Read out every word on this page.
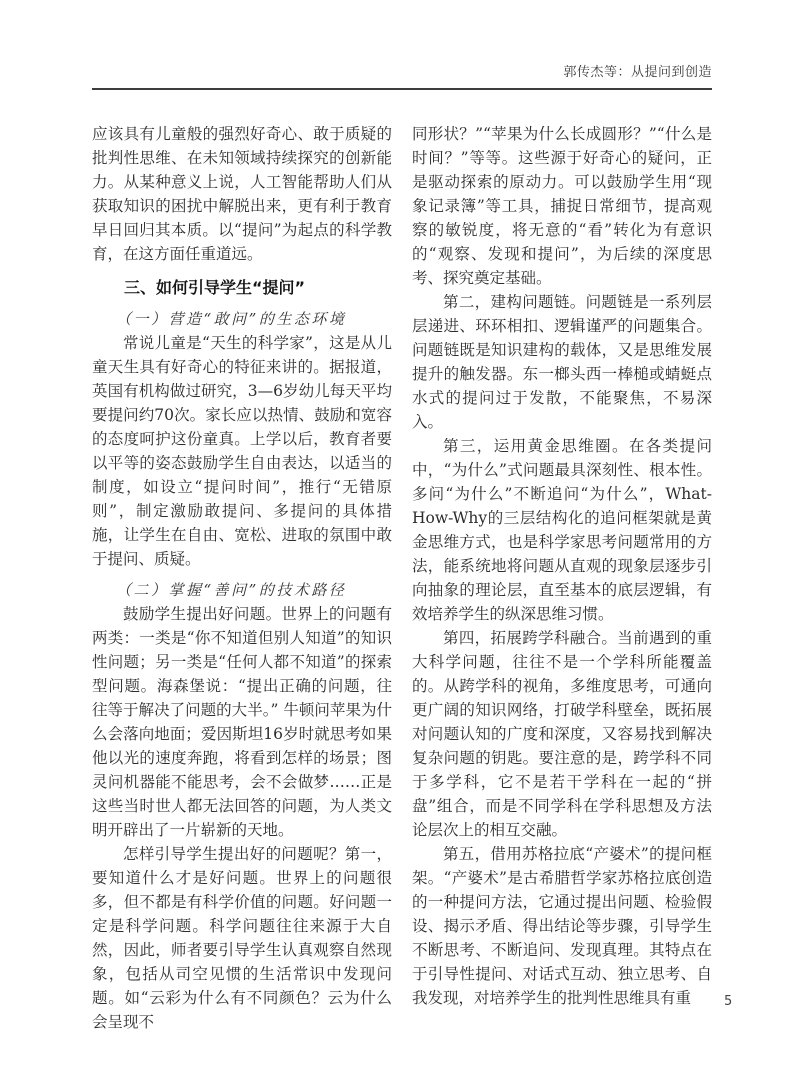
郭传杰等：从提问到创造

应该具有儿童般的强烈好奇心、敢于质疑的批判性思维、在未知领域持续探究的创新能力。从某种意义上说，人工智能帮助人们从获取知识的困扰中解脱出来，更有利于教育早日回归其本质。以“提问”为起点的科学教育，在这方面任重道远。

三、如何引导学生“提问”

（一）营造“敢问”的生态环境

常说儿童是“天生的科学家”，这是从儿童天生具有好奇心的特征来讲的。据报道，英国有机构做过研究，3—6岁幼儿每天平均要提问约70次。家长应以热情、鼓励和宽容的态度呵护这份童真。上学以后，教育者要以平等的姿态鼓励学生自由表达，以适当的制度，如设立“提问时间”，推行“无错原则”，制定激励敢提问、多提问的具体措施，让学生在自由、宽松、进取的氛围中敢于提问、质疑。

（二）掌握“善问”的技术路径

鼓励学生提出好问题。世界上的问题有两类：一类是“你不知道但别人知道”的知识性问题；另一类是“任何人都不知道”的探索型问题。海森堡说：“提出正确的问题，往往等于解决了问题的大半。” 牛顿问苹果为什么会落向地面；爱因斯坦16岁时就思考如果他以光的速度奔跑，将看到怎样的场景；图灵问机器能不能思考，会不会做梦……正是这些当时世人都无法回答的问题，为人类文明开辟出了一片崭新的天地。

怎样引导学生提出好的问题呢？第一，要知道什么才是好问题。世界上的问题很多，但不都是有科学价值的问题。好问题一定是科学问题。科学问题往往来源于大自然，因此，师者要引导学生认真观察自然现象，包括从司空见惯的生活常识中发现问题。如“云彩为什么有不同颜色？云为什么会呈现不

同形状？”“苹果为什么长成圆形？”“什么是时间？”等等。这些源于好奇心的疑问，正是驱动探索的原动力。可以鼓励学生用“现象记录簿”等工具，捕捉日常细节，提高观察的敏锐度，将无意的“看”转化为有意识的“观察、发现和提问”，为后续的深度思考、探究奠定基础。

第二，建构问题链。问题链是一系列层层递进、环环相扣、逻辑谨严的问题集合。问题链既是知识建构的载体，又是思维发展提升的触发器。东一榔头西一棒槌或蜻蜓点水式的提问过于发散，不能聚焦，不易深入。

第三，运用黄金思维圈。在各类提问中，“为什么”式问题最具深刻性、根本性。多问“为什么”不断追问“为什么”，What-How-Why的三层结构化的追问框架就是黄金思维方式，也是科学家思考问题常用的方法，能系统地将问题从直观的现象层逐步引向抽象的理论层，直至基本的底层逻辑，有效培养学生的纵深思维习惯。

第四，拓展跨学科融合。当前遇到的重大科学问题，往往不是一个学科所能覆盖的。从跨学科的视角，多维度思考，可通向更广阔的知识网络，打破学科壁垒，既拓展对问题认知的广度和深度，又容易找到解决复杂问题的钥匙。要注意的是，跨学科不同于多学科，它不是若干学科在一起的“拼盘”组合，而是不同学科在学科思想及方法论层次上的相互交融。

第五，借用苏格拉底“产婆术”的提问框架。“产婆术”是古希腊哲学家苏格拉底创造的一种提问方法，它通过提出问题、检验假设、揭示矛盾、得出结论等步骤，引导学生不断思考、不断追问、发现真理。其特点在于引导性提问、对话式互动、独立思考、自我发现，对培养学生的批判性思维具有重	5
